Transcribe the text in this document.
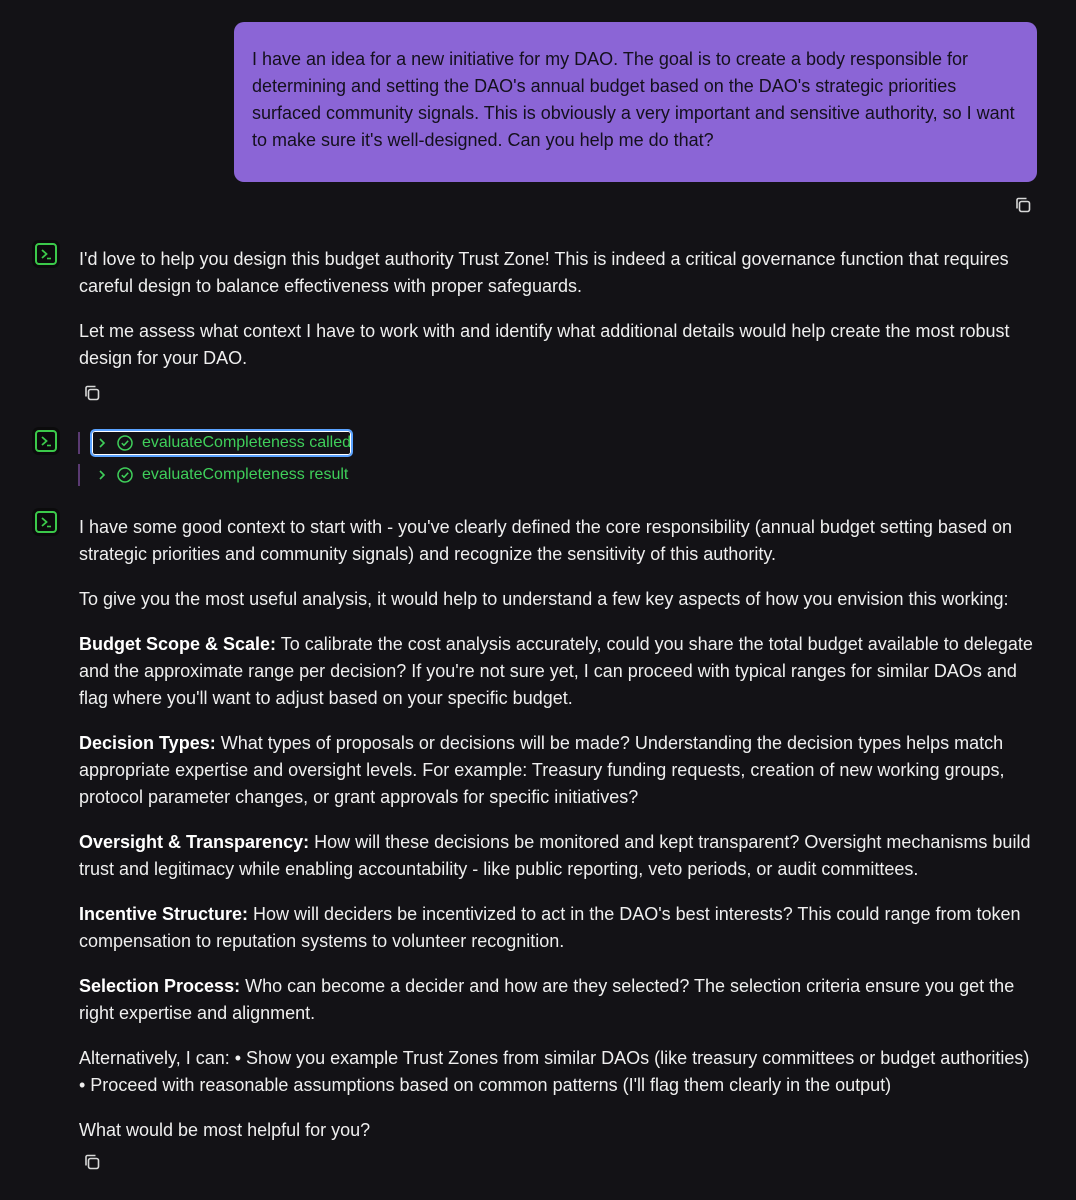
I have an idea for a new initiative for my DAO. The goal is to create a body responsible for determining and setting the DAO's annual budget based on the DAO's strategic priorities surfaced community signals. This is obviously a very important and sensitive authority, so I want to make sure it's well-designed. Can you help me do that?

I'd love to help you design this budget authority Trust Zone! This is indeed a critical governance function that requires careful design to balance effectiveness with proper safeguards.

Let me assess what context I have to work with and identify what additional details would help create the most robust design for your DAO.

evaluateCompleteness called
evaluateCompleteness result

I have some good context to start with - you've clearly defined the core responsibility (annual budget setting based on strategic priorities and community signals) and recognize the sensitivity of this authority.

To give you the most useful analysis, it would help to understand a few key aspects of how you envision this working:

Budget Scope & Scale: To calibrate the cost analysis accurately, could you share the total budget available to delegate and the approximate range per decision? If you're not sure yet, I can proceed with typical ranges for similar DAOs and flag where you'll want to adjust based on your specific budget.

Decision Types: What types of proposals or decisions will be made? Understanding the decision types helps match appropriate expertise and oversight levels. For example: Treasury funding requests, creation of new working groups, protocol parameter changes, or grant approvals for specific initiatives?

Oversight & Transparency: How will these decisions be monitored and kept transparent? Oversight mechanisms build trust and legitimacy while enabling accountability - like public reporting, veto periods, or audit committees.

Incentive Structure: How will deciders be incentivized to act in the DAO's best interests? This could range from token compensation to reputation systems to volunteer recognition.

Selection Process: Who can become a decider and how are they selected? The selection criteria ensure you get the right expertise and alignment.

Alternatively, I can: • Show you example Trust Zones from similar DAOs (like treasury committees or budget authorities) • Proceed with reasonable assumptions based on common patterns (I'll flag them clearly in the output)

What would be most helpful for you?
